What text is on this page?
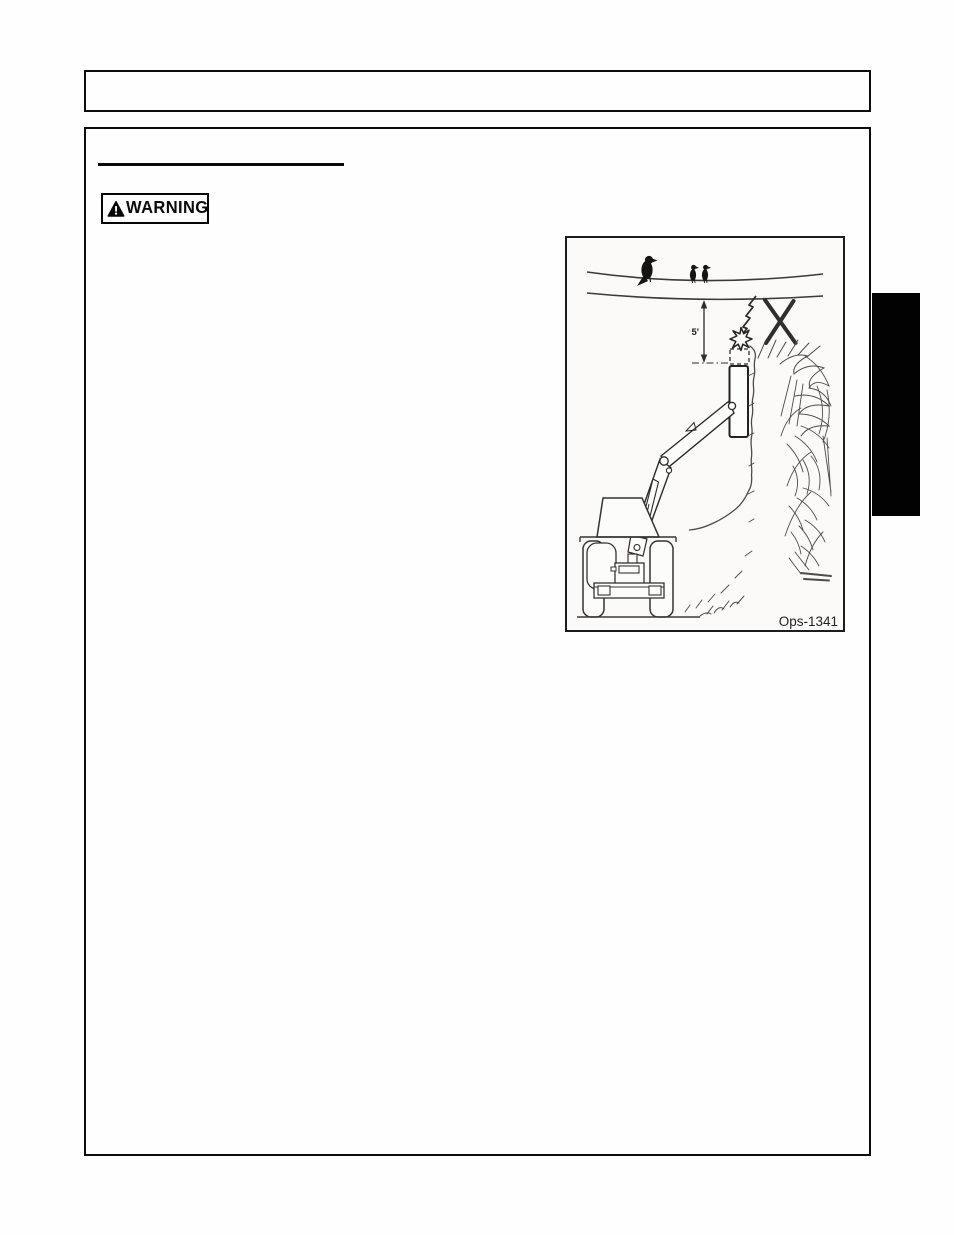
WARNING
5'
Ops-1341
